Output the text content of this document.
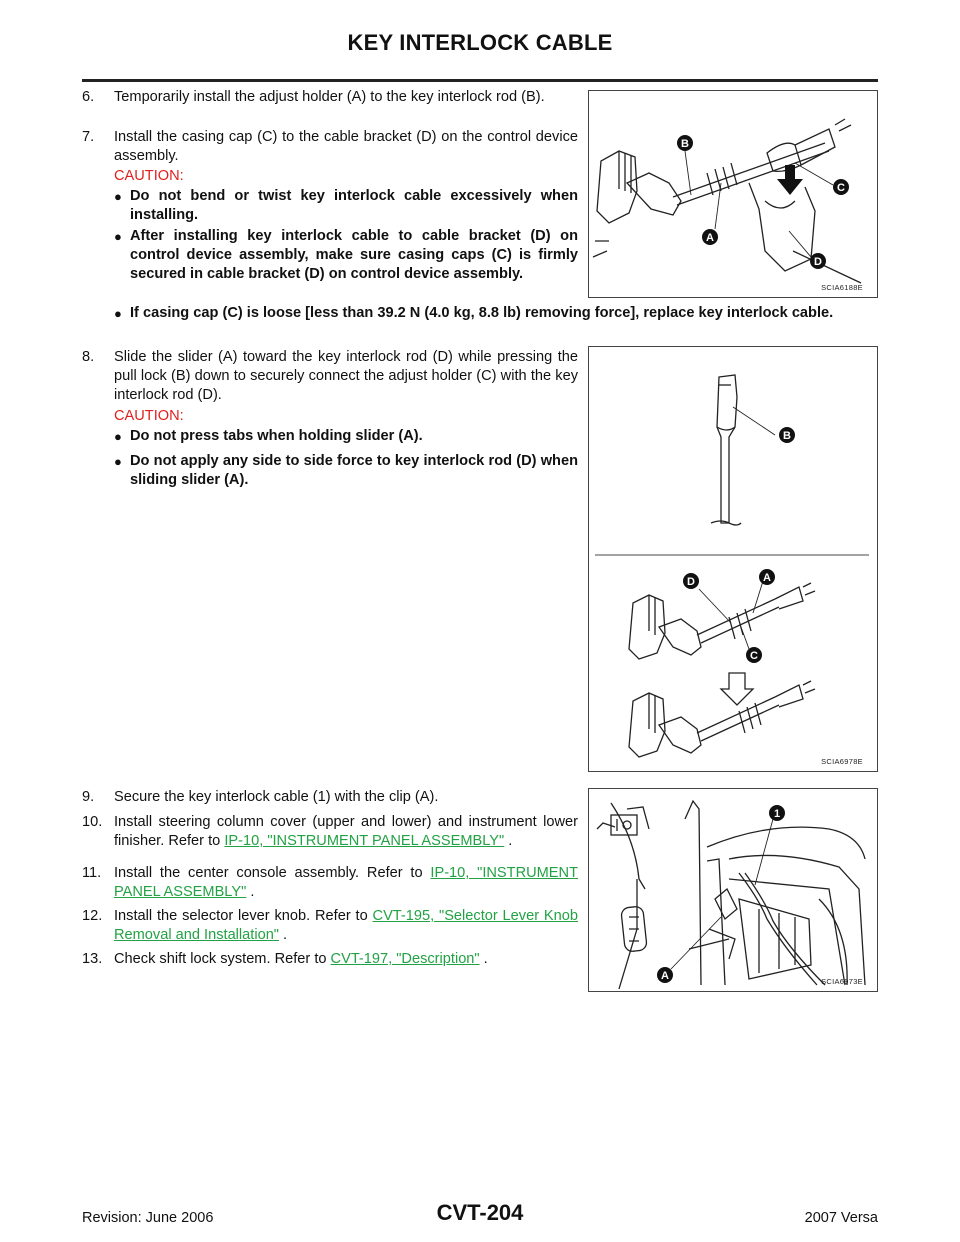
KEY INTERLOCK CABLE
6. Temporarily install the adjust holder (A) to the key interlock rod (B).
7. Install the casing cap (C) to the cable bracket (D) on the control device assembly.
CAUTION:
● Do not bend or twist key interlock cable excessively when installing.
● After installing key interlock cable to cable bracket (D) on control device assembly, make sure casing caps (C) is firmly secured in cable bracket (D) on control device assembly.
● If casing cap (C) is loose [less than 39.2 N (4.0 kg, 8.8 lb) removing force], replace key interlock cable.
B
A
C
D
SCIA6188E
8. Slide the slider (A) toward the key interlock rod (D) while pressing the pull lock (B) down to securely connect the adjust holder (C) with the key interlock rod (D).
CAUTION:
● Do not press tabs when holding slider (A).
● Do not apply any side to side force to key interlock rod (D) when sliding slider (A).
B
D	A
C
SCIA6978E
9. Secure the key interlock cable (1) with the clip (A).
10. Install steering column cover (upper and lower) and instrument lower finisher. Refer to IP-10, "INSTRUMENT PANEL ASSEMBLY" .
11. Install the center console assembly. Refer to IP-10, "INSTRUMENT PANEL ASSEMBLY" .
12. Install the selector lever knob. Refer to CVT-195, "Selector Lever Knob Removal and Installation" .
13. Check shift lock system. Refer to CVT-197, "Description" .
1
A	SCIA6973E
Revision: June 2006	CVT-204	2007 Versa
